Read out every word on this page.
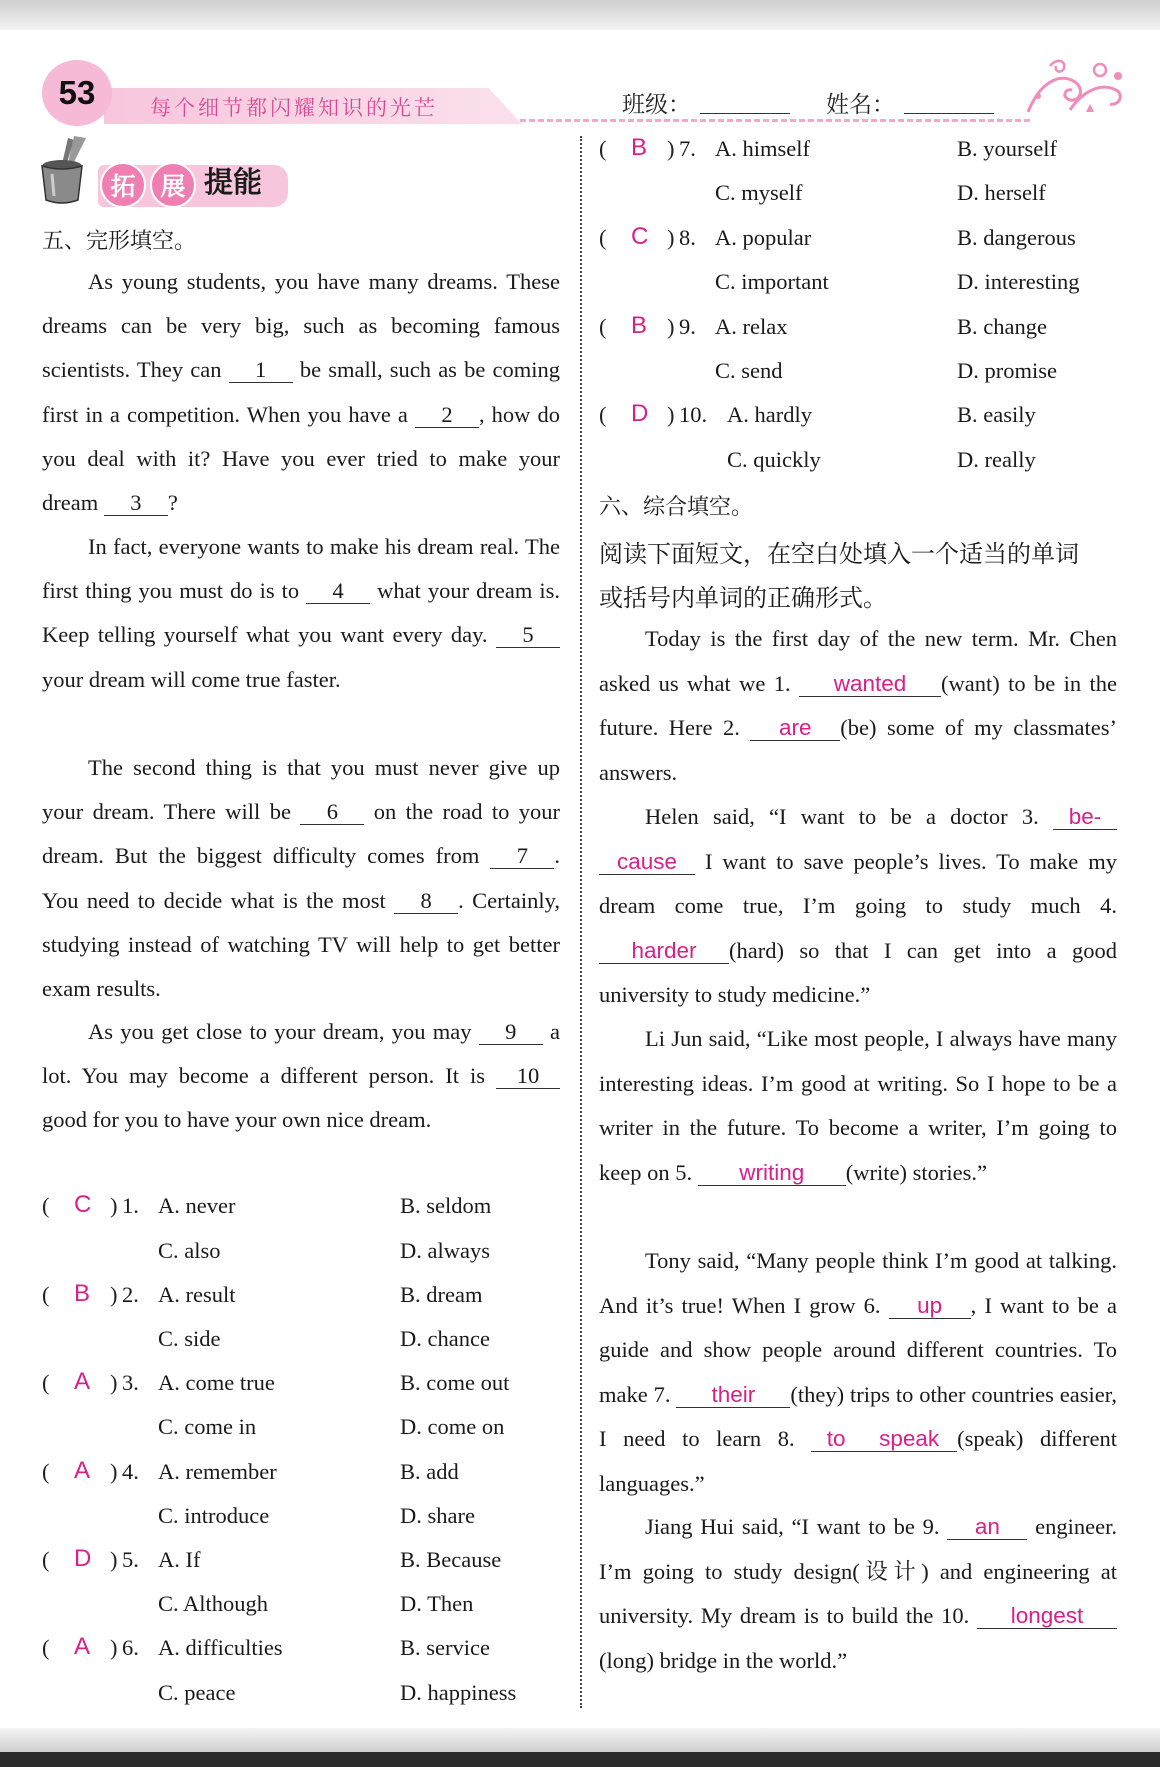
53	每个细节都闪耀知识的光芒	班级：	姓名：
拓 展 提能
五、完形填空。
As young students, you have many dreams. These dreams can be very big, such as becoming famous scientists. They can 1 be small, such as be coming first in a competition. When you have a 2 , how do you deal with it? Have you ever tried to make your dream 3 ?
In fact, everyone wants to make his dream real. The first thing you must do is to 4 what your dream is. Keep telling yourself what you want every day. 5 your dream will come true faster.
The second thing is that you must never give up your dream. There will be 6 on the road to your dream. But the biggest difficulty comes from 7 . You need to decide what is the most 8 . Certainly, studying instead of watching TV will help to get better exam results.
As you get close to your dream, you may 9 a lot. You may become a different person. It is 10 good for you to have your own nice dream.
( C ) 1. A. never	B. seldom
C. also	D. always
( B ) 2. A. result	B. dream
C. side	D. chance
( A ) 3. A. come true	B. come out
C. come in	D. come on
( A ) 4. A. remember	B. add
C. introduce	D. share
( D ) 5. A. If	B. Because
C. Although	D. Then
( A ) 6. A. difficulties	B. service
C. peace	D. happiness
( B ) 7. A. himself	B. yourself
C. myself	D. herself
( C ) 8. A. popular	B. dangerous
C. important	D. interesting
( B ) 9. A. relax	B. change
C. send	D. promise
( D ) 10. A. hardly	B. easily
C. quickly	D. really
六、综合填空。
阅读下面短文，在空白处填入一个适当的单词
或括号内单词的正确形式。
Today is the first day of the new term. Mr. Chen asked us what we 1. wanted (want) to be in the future. Here 2. are (be) some of my classmates’ answers.
Helen said, “I want to be a doctor 3. be-cause I want to save people’s lives. To make my dream come true, I’m going to study much 4. harder (hard) so that I can get into a good university to study medicine.”
Li Jun said, “Like most people, I always have many interesting ideas. I’m good at writing. So I hope to be a writer in the future. To become a writer, I’m going to keep on 5. writing (write) stories.”
Tony said, “Many people think I’m good at talking. And it’s true! When I grow 6. up , I want to be a guide and show people around different countries. To make 7. their (they) trips to other countries easier, I need to learn 8. to speak (speak) different languages.”
Jiang Hui said, “I want to be 9. an engineer. I’m going to study design(设计) and engineering at university. My dream is to build the 10. longest(long) bridge in the world.”
